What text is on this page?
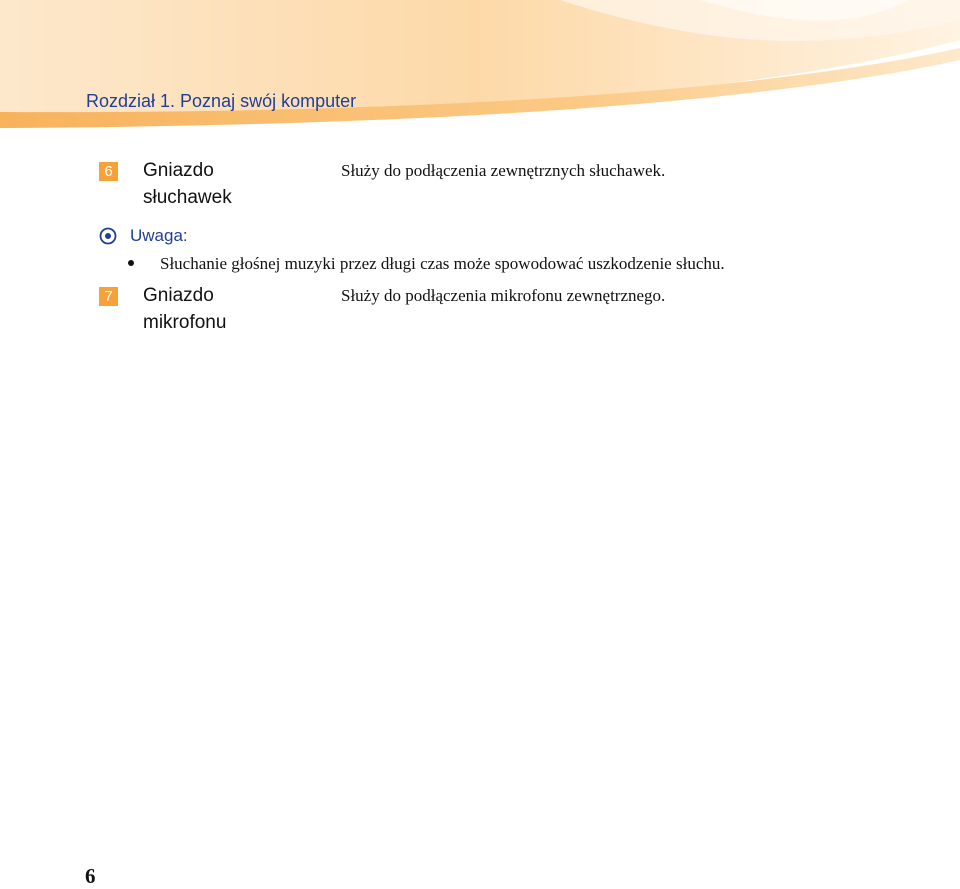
Rozdział 1. Poznaj swój komputer
6 Gniazdo
słuchawek
Służy do podłączenia zewnętrznych słuchawek.
Uwaga:
Słuchanie głośnej muzyki przez długi czas może spowodować uszkodzenie słuchu.
7 Gniazdo
mikrofonu
Służy do podłączenia mikrofonu zewnętrznego.
6
